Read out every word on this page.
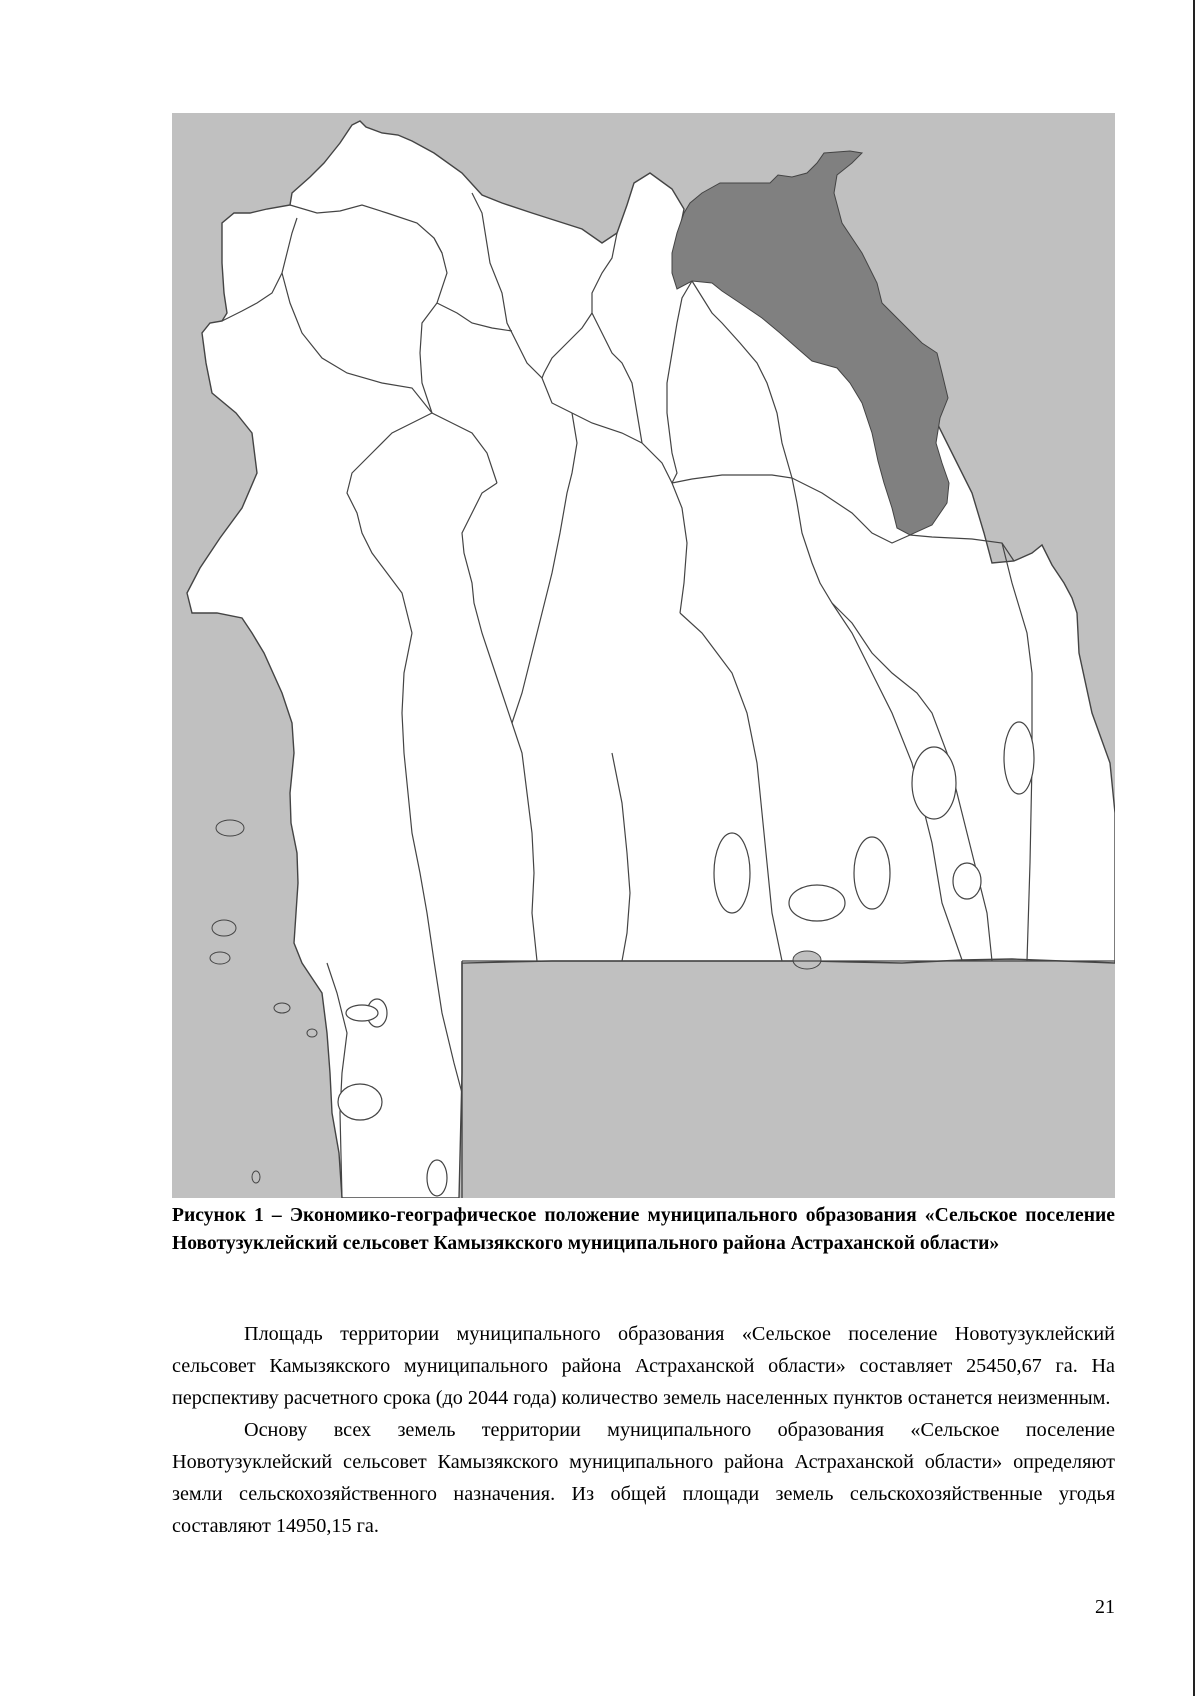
Рисунок 1 – Экономико-географическое положение муниципального образования «Сельское поселение Новотузуклейский сельсовет Камызякского муниципального района Астраханской области»

Площадь территории муниципального образования «Сельское поселение Новотузуклейский сельсовет Камызякского муниципального района Астраханской области» составляет 25450,67 га. На перспективу расчетного срока (до 2044 года) количество земель населенных пунктов останется неизменным.

Основу всех земель территории муниципального образования «Сельское поселение Новотузуклейский сельсовет Камызякского муниципального района Астраханской области» определяют земли сельскохозяйственного назначения. Из общей площади земель сельскохозяйственные угодья составляют 14950,15 га.

21
